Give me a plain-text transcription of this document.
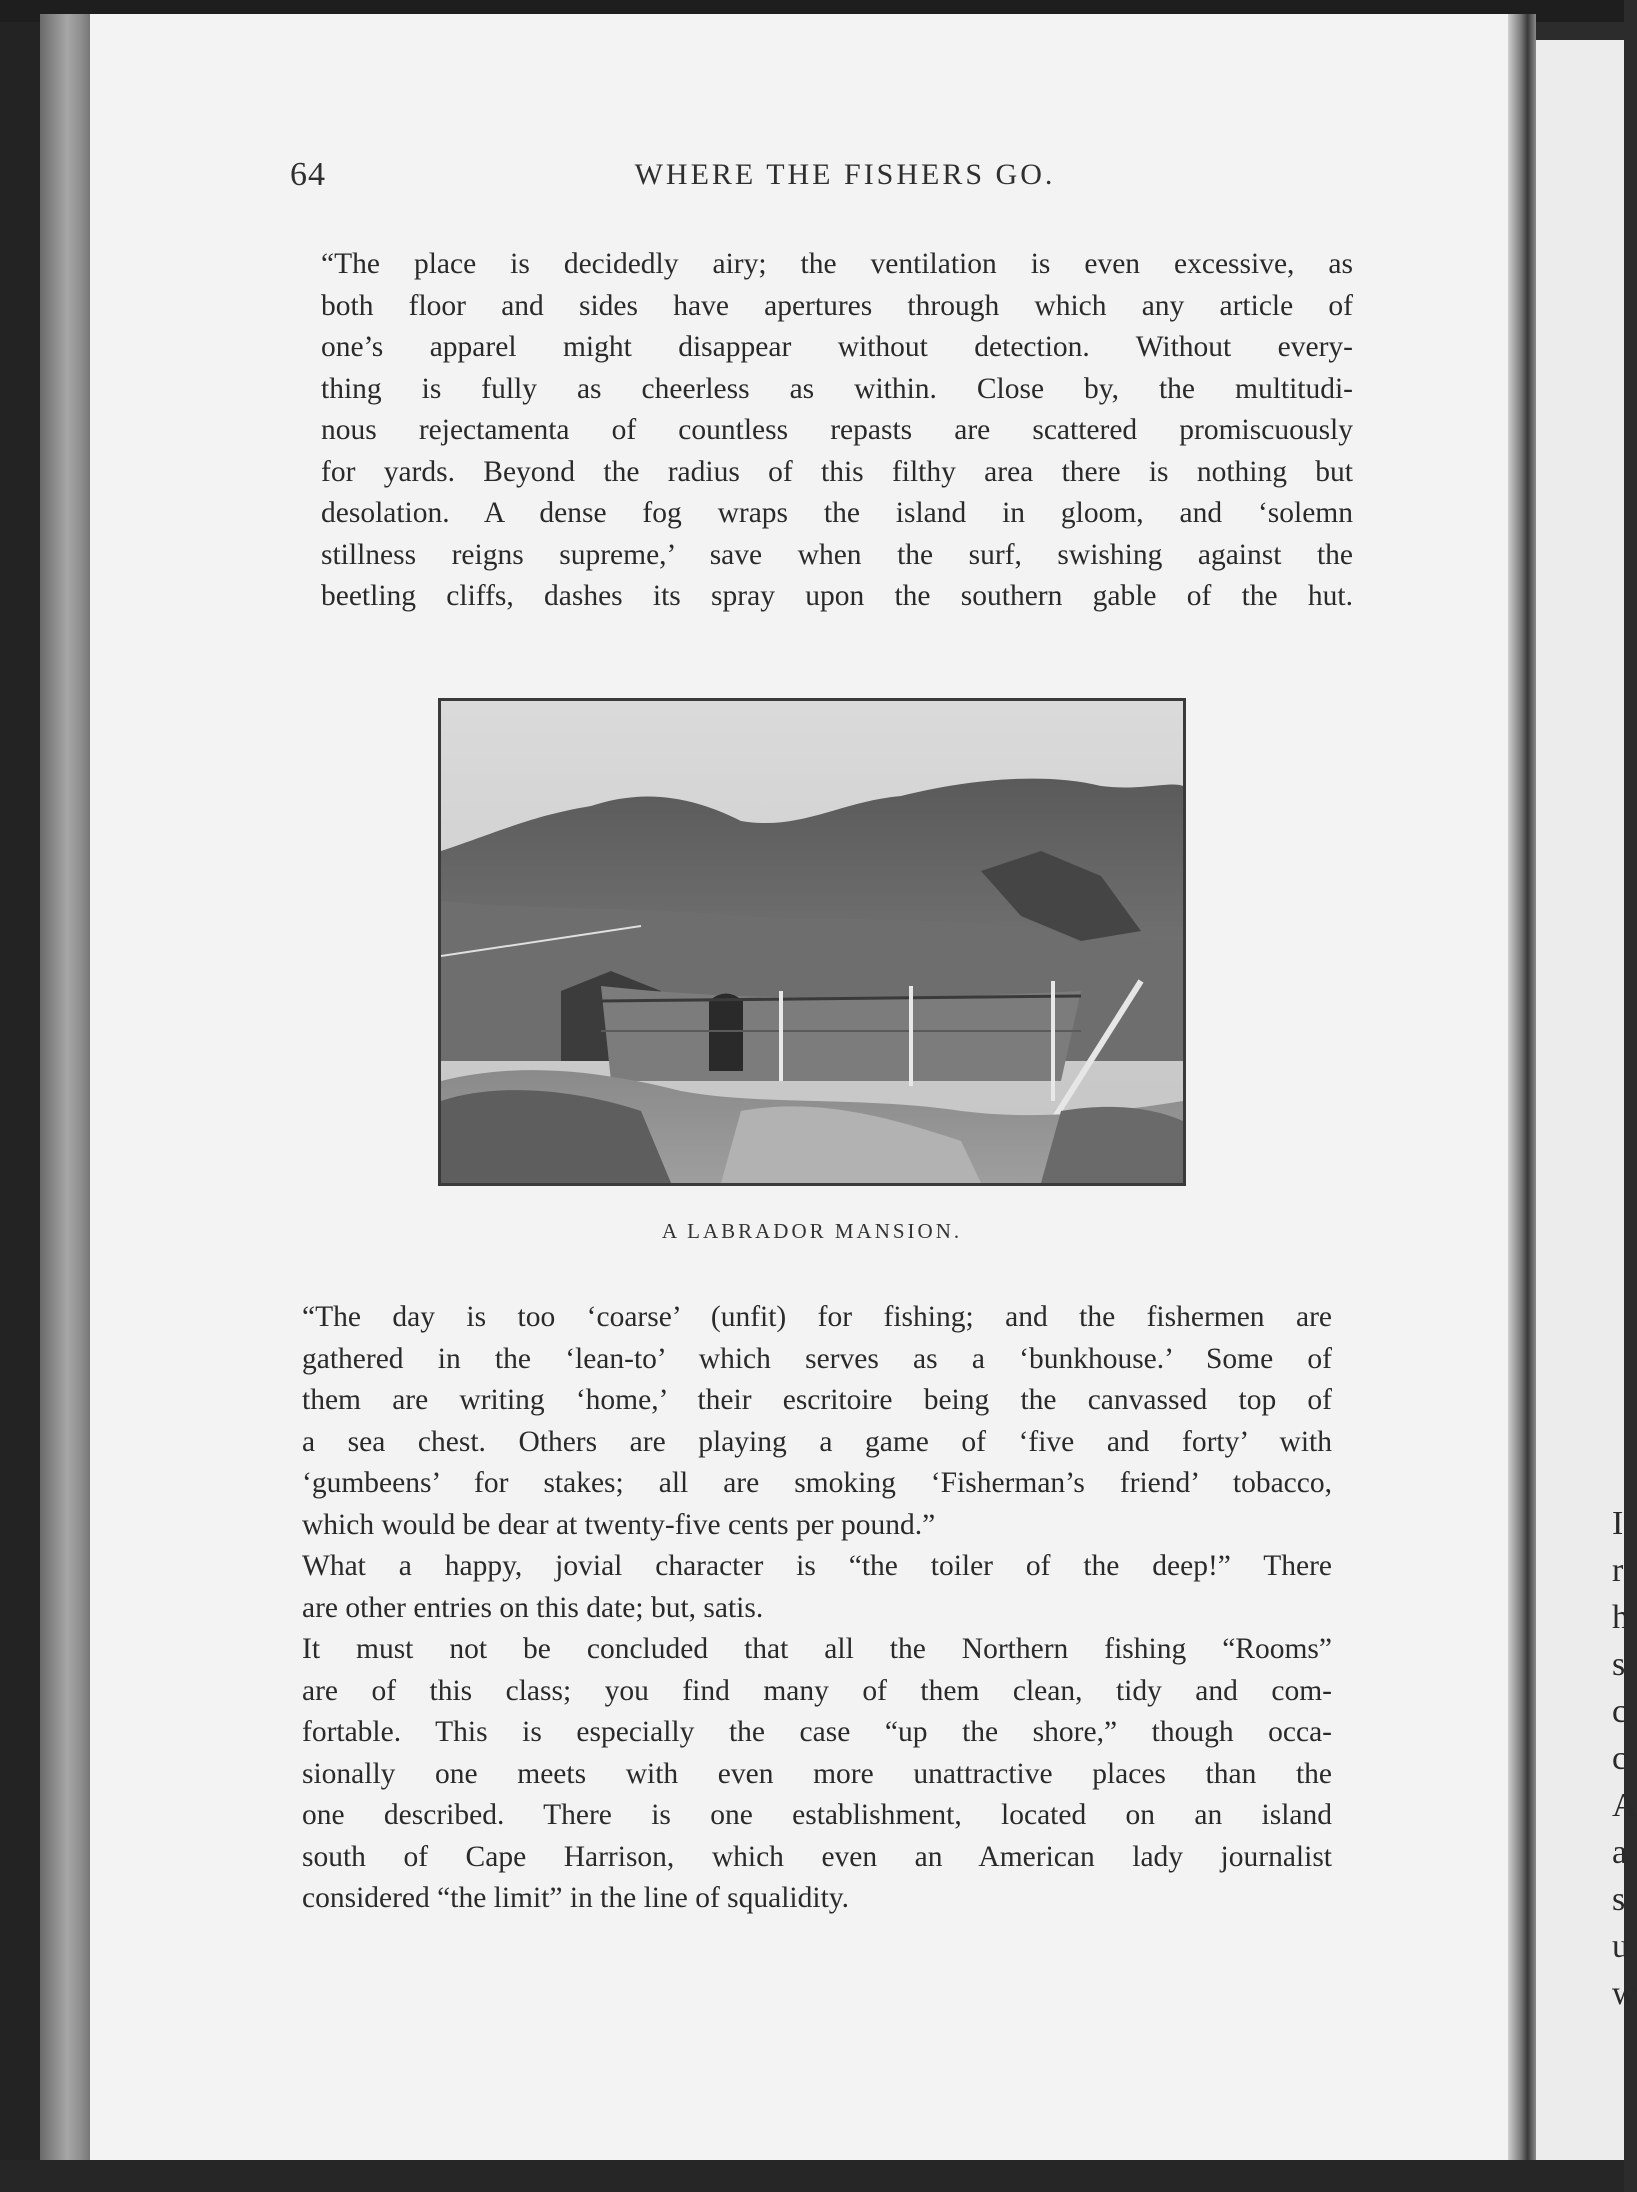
64	WHERE THE FISHERS GO.

“The place is decidedly airy; the ventilation is even excessive, as
both floor and sides have apertures through which any article of
one’s apparel might disappear without detection. Without every-
thing is fully as cheerless as within. Close by, the multitudi-
nous rejectamenta of countless repasts are scattered promiscuously
for yards. Beyond the radius of this filthy area there is nothing but
desolation. A dense fog wraps the island in gloom, and ‘solemn
stillness reigns supreme,’ save when the surf, swishing against the
beetling cliffs, dashes its spray upon the southern gable of the hut.

A LABRADOR MANSION.

“The day is too ‘coarse’ (unfit) for fishing; and the fishermen are
gathered in the ‘lean-to’ which serves as a ‘bunkhouse.’ Some of
them are writing ‘home,’ their escritoire being the canvassed top of
a sea chest. Others are playing a game of ‘five and forty’ with
‘gumbeens’ for stakes; all are smoking ‘Fisherman’s friend’ tobacco,
which would be dear at twenty-five cents per pound.”

What a happy, jovial character is “the toiler of the deep!” There
are other entries on this date; but, satis.

It must not be concluded that all the Northern fishing “Rooms”
are of this class; you find many of them clean, tidy and com-
fortable. This is especially the case “up the shore,” though occa-
sionally one meets with even more unattractive places than the
one described. There is one establishment, located on an island
south of Cape Harrison, which even an American lady journalist
considered “the limit” in the line of squalidity.

I
r
h
s
c
c
A
a
s
u
w
